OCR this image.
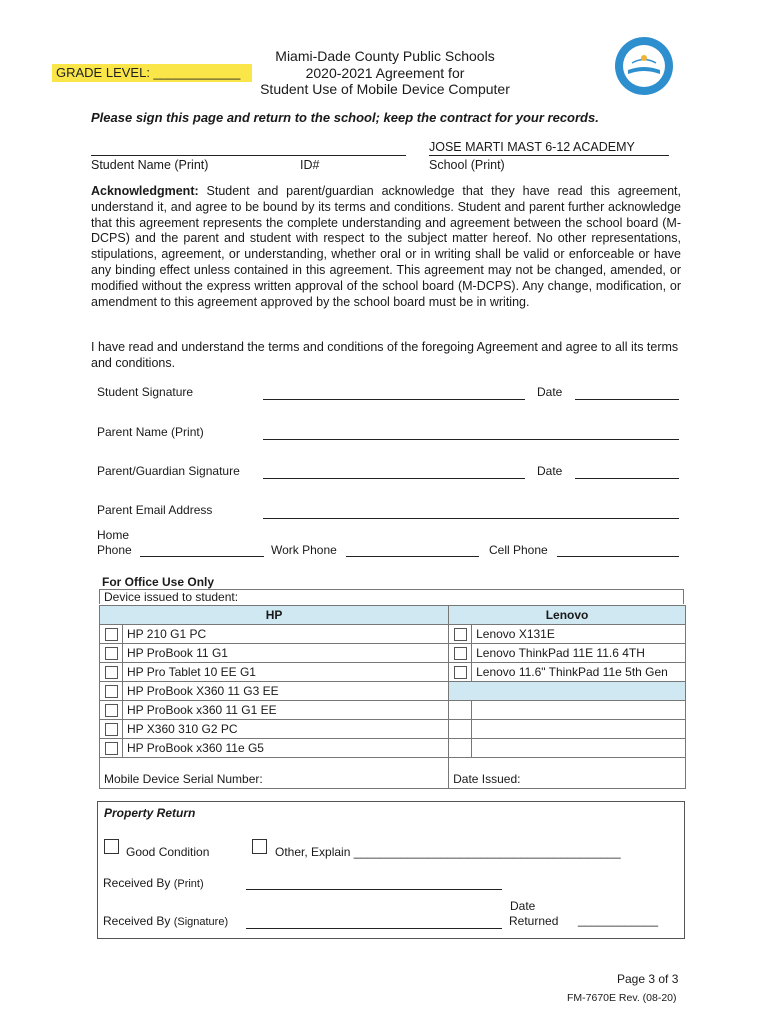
GRADE LEVEL: ____________
Miami-Dade County Public Schools
2020-2021 Agreement for
Student Use of Mobile Device Computer
Please sign this page and return to the school; keep the contract for your records.
Student Name (Print)	ID#
JOSE MARTI MAST 6-12 ACADEMY
School (Print)
Acknowledgment: Student and parent/guardian acknowledge that they have read this agreement, understand it, and agree to be bound by its terms and conditions. Student and parent further acknowledge that this agreement represents the complete understanding and agreement between the school board (M-DCPS) and the parent and student with respect to the subject matter hereof. No other representations, stipulations, agreement, or understanding, whether oral or in writing shall be valid or enforceable or have any binding effect unless contained in this agreement. This agreement may not be changed, amended, or modified without the express written approval of the school board (M-DCPS). Any change, modification, or amendment to this agreement approved by the school board must be in writing.
I have read and understand the terms and conditions of the foregoing Agreement and agree to all its terms and conditions.
Student Signature	Date
Parent Name (Print)
Parent/Guardian Signature	Date
Parent Email Address
Home
Phone	Work Phone	Cell Phone
For Office Use Only
Device issued to student:
HP		Lenovo	
	HP 210 G1 PC		Lenovo X131E
	HP ProBook 11 G1		Lenovo ThinkPad 11E 11.6 4TH
	HP Pro Tablet 10 EE G1		Lenovo 11.6" ThinkPad 11e 5th Gen
	HP ProBook X360 11 G3 EE		
	HP ProBook x360 11 G1 EE		
	HP X360 310 G2 PC		
	HP ProBook x360 11e G5		
Mobile Device Serial Number:		Date Issued:	
Property Return
Good Condition	Other, Explain ________________________________________
Received By (Print)
Received By (Signature)
Date
Returned ____________
Page 3 of 3
FM-7670E Rev. (08-20)
